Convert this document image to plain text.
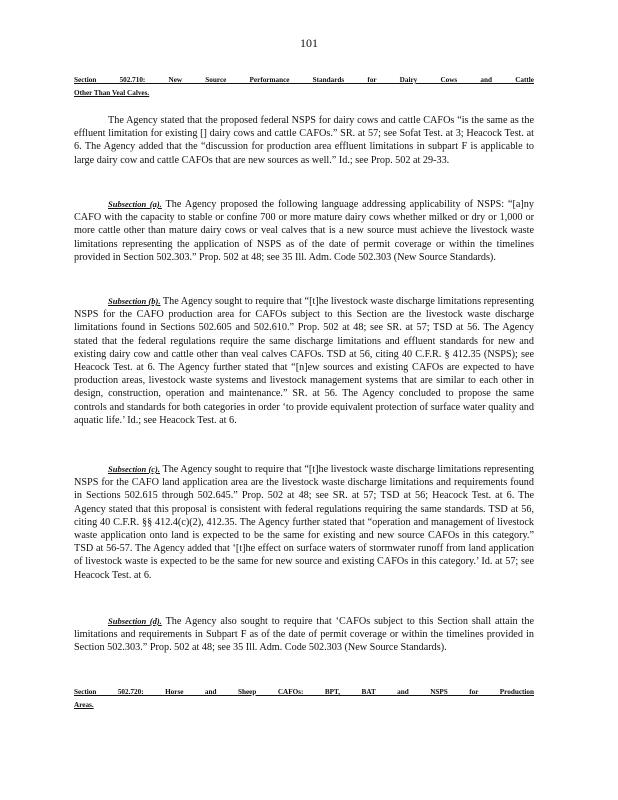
101
Section 502.710: New Source Performance Standards for Dairy Cows and Cattle
Other Than Veal Calves.

The Agency stated that the proposed federal NSPS for dairy cows and cattle CAFOs “is the same as the effluent limitation for existing [] dairy cows and cattle CAFOs.” SR. at 57; see Sofat Test. at 3; Heacock Test. at 6. The Agency added that the “discussion for production area effluent limitations in subpart F is applicable to large dairy cow and cattle CAFOs that are new sources as well.” Id.; see Prop. 502 at 29-33.

Subsection (a). The Agency proposed the following language addressing applicability of NSPS: “[a]ny CAFO with the capacity to stable or confine 700 or more mature dairy cows whether milked or dry or 1,000 or more cattle other than mature dairy cows or veal calves that is a new source must achieve the livestock waste limitations representing the application of NSPS as of the date of permit coverage or within the timelines provided in Section 502.303.” Prop. 502 at 48; see 35 Ill. Adm. Code 502.303 (New Source Standards).

Subsection (b). The Agency sought to require that “[t]he livestock waste discharge limitations representing NSPS for the CAFO production area for CAFOs subject to this Section are the livestock waste discharge limitations found in Sections 502.605 and 502.610.” Prop. 502 at 48; see SR. at 57; TSD at 56. The Agency stated that the federal regulations require the same discharge limitations and effluent standards for new and existing dairy cow and cattle other than veal calves CAFOs. TSD at 56, citing 40 C.F.R. § 412.35 (NSPS); see Heacock Test. at 6. The Agency further stated that “[n]ew sources and existing CAFOs are expected to have production areas, livestock waste systems and livestock management systems that are similar to each other in design, construction, operation and maintenance.” SR. at 56. The Agency concluded to propose the same controls and standards for both categories in order ‘to provide equivalent protection of surface water quality and aquatic life.’ Id.; see Heacock Test. at 6.

Subsection (c). The Agency sought to require that “[t]he livestock waste discharge limitations representing NSPS for the CAFO land application area are the livestock waste discharge limitations and requirements found in Sections 502.615 through 502.645.” Prop. 502 at 48; see SR. at 57; TSD at 56; Heacock Test. at 6. The Agency stated that this proposal is consistent with federal regulations requiring the same standards. TSD at 56, citing 40 C.F.R. §§ 412.4(c)(2), 412.35. The Agency further stated that “operation and management of livestock waste application onto land is expected to be the same for existing and new source CAFOs in this category.” TSD at 56-57. The Agency added that ‘[t]he effect on surface waters of stormwater runoff from land application of livestock waste is expected to be the same for new source and existing CAFOs in this category.’ Id. at 57; see Heacock Test. at 6.

Subsection (d). The Agency also sought to require that ‘CAFOs subject to this Section shall attain the limitations and requirements in Subpart F as of the date of permit coverage or within the timelines provided in Section 502.303.” Prop. 502 at 48; see 35 Ill. Adm. Code 502.303 (New Source Standards).

Section 502.720: Horse and Sheep CAFOs: BPT, BAT and NSPS for Production
Areas.
